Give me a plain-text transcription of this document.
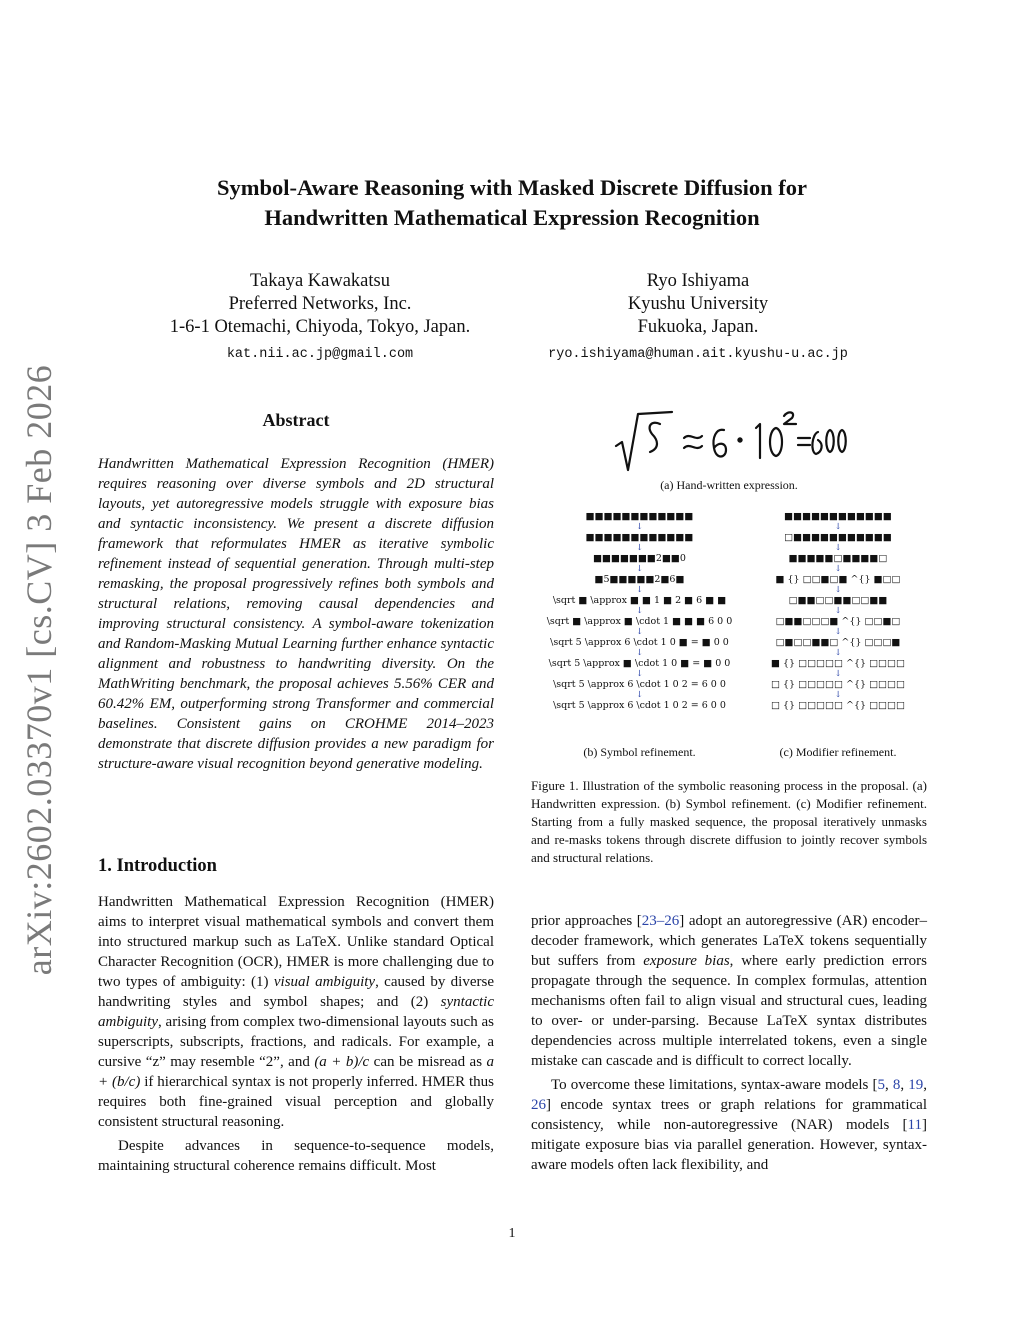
arXiv:2602.03370v1 [cs.CV] 3 Feb 2026
Symbol-Aware Reasoning with Masked Discrete Diffusion for
Handwritten Mathematical Expression Recognition
Takaya Kawakatsu
Preferred Networks, Inc.
1-6-1 Otemachi, Chiyoda, Tokyo, Japan.
kat.nii.ac.jp@gmail.com
Ryo Ishiyama
Kyushu University
Fukuoka, Japan.
ryo.ishiyama@human.ait.kyushu-u.ac.jp
Abstract

Handwritten Mathematical Expression Recognition (HMER) requires reasoning over diverse symbols and 2D structural layouts, yet autoregressive models struggle with exposure bias and syntactic inconsistency. We present a discrete diffusion framework that reformulates HMER as iterative symbolic refinement instead of sequential generation. Through multi-step remasking, the proposal progressively refines both symbols and structural relations, removing causal dependencies and improving structural consistency. A symbol-aware tokenization and Random-Masking Mutual Learning further enhance syntactic alignment and robustness to handwriting diversity. On the MathWriting benchmark, the proposal achieves 5.56% CER and 60.42% EM, outperforming strong Transformer and commercial baselines. Consistent gains on CROHME 2014–2023 demonstrate that discrete diffusion provides a new paradigm for structure-aware visual recognition beyond generative modeling.

(a) Hand-written expression.
■■■■■■■■■■■■
↓
■■■■■■■■■■■■
↓
■■■■■■■2■■0
↓
■5■■■■■2■6■
↓
\sqrt ■ \approx ■ ■ 1 ■ 2 ■ 6 ■ ■
↓
\sqrt ■ \approx ■ \cdot 1 ■ ■ ■ 6 0 0
↓
\sqrt 5 \approx 6 \cdot 1 0 ■ = ■ 0 0
↓
\sqrt 5 \approx ■ \cdot 1 0 ■ = ■ 0 0
↓
\sqrt 5 \approx 6 \cdot 1 0 2 = 6 0 0
↓
\sqrt 5 \approx 6 \cdot 1 0 2 = 6 0 0
■■■■■■■■■■■■
↓
□■■■■■■■■■■■
↓
■■■■■□■■■■□
↓
■ {} □□■□■ ^{} ■□□
↓
□■■□□■■□□■■
↓
□■■□□□■ ^{} □□■□
↓
□■□□■■□ ^{} □□□■
↓
■ {} □□□□□ ^{} □□□□
↓
□ {} □□□□□ ^{} □□□□
↓
□ {} □□□□□ ^{} □□□□
(b) Symbol refinement.	(c) Modifier refinement.

Figure 1. Illustration of the symbolic reasoning process in the proposal. (a) Handwritten expression. (b) Symbol refinement. (c) Modifier refinement. Starting from a fully masked sequence, the proposal iteratively unmasks and re-masks tokens through discrete diffusion to jointly recover symbols and structural relations.

1. Introduction

Handwritten Mathematical Expression Recognition (HMER) aims to interpret visual mathematical symbols and convert them into structured markup such as LaTeX. Unlike standard Optical Character Recognition (OCR), HMER is more challenging due to two types of ambiguity: (1) visual ambiguity, caused by diverse handwriting styles and symbol shapes; and (2) syntactic ambiguity, arising from complex two-dimensional layouts such as superscripts, subscripts, fractions, and radicals. For example, a cursive “z” may resemble “2”, and (a + b)/c can be misread as a + (b/c) if hierarchical syntax is not properly inferred. HMER thus requires both fine-grained visual perception and globally consistent structural reasoning.

Despite advances in sequence-to-sequence models, maintaining structural coherence remains difficult. Most

prior approaches [23–26] adopt an autoregressive (AR) encoder–decoder framework, which generates LaTeX tokens sequentially but suffers from exposure bias, where early prediction errors propagate through the sequence. In complex formulas, attention mechanisms often fail to align visual and structural cues, leading to over- or under-parsing. Because LaTeX syntax distributes dependencies across multiple interrelated tokens, even a single mistake can cascade and is difficult to correct locally.

To overcome these limitations, syntax-aware models [5, 8, 19, 26] encode syntax trees or graph relations for grammatical consistency, while non-autoregressive (NAR) models [11] mitigate exposure bias via parallel generation. However, syntax-aware models often lack flexibility, and

1
